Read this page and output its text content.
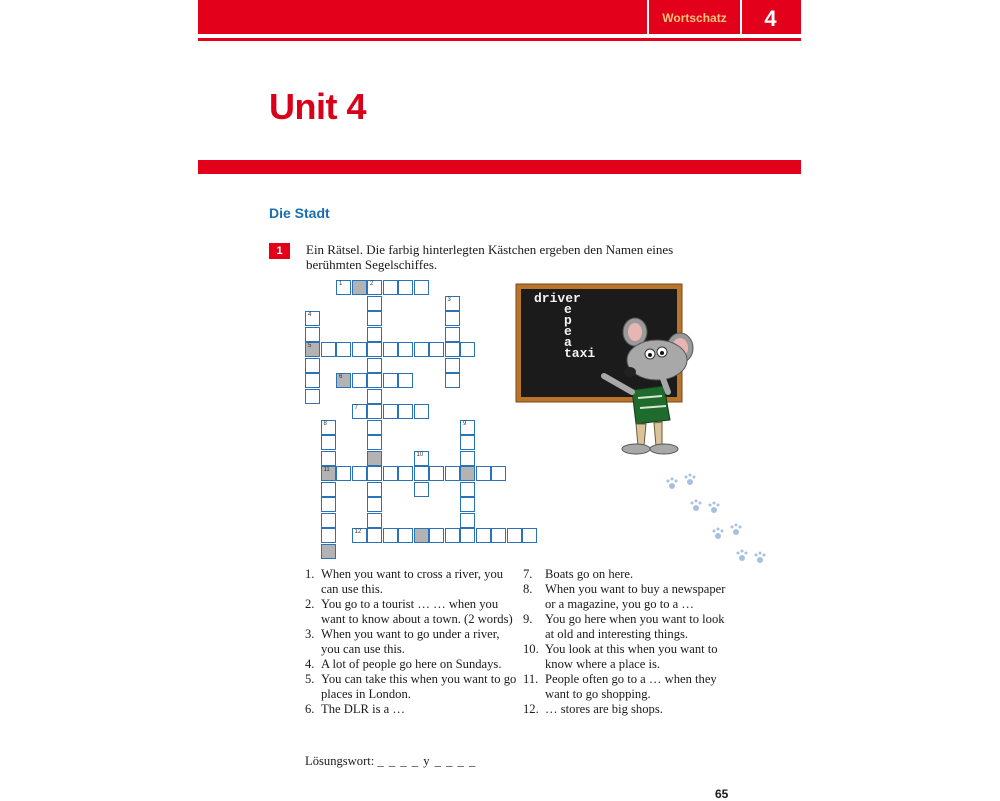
Wortschatz	4
Unit 4
Die Stadt
1	Ein Rätsel. Die farbig hinterlegten Kästchen ergeben den Namen eines berühmten Segelschiffes.
1	2
3
4
5
6
7
8
11
9
10
12
driver
e
p
e
a
taxi
1. When you want to cross a river, you can use this.
2. You go to a tourist … … when you want to know about a town. (2 words)
3. When you want to go under a river, you can use this.
4. A lot of people go here on Sundays.
5. You can take this when you want to go places in London.
6. The DLR is a …
7. Boats go on here.
8. When you want to buy a newspaper or a magazine, you go to a …
9. You go here when you want to look at old and interesting things.
10. You look at this when you want to know where a place is.
11. People often go to a … when they want to go shopping.
12. … stores are big shops.
Lösungswort: _ _ _ _ y _ _ _ _
65
